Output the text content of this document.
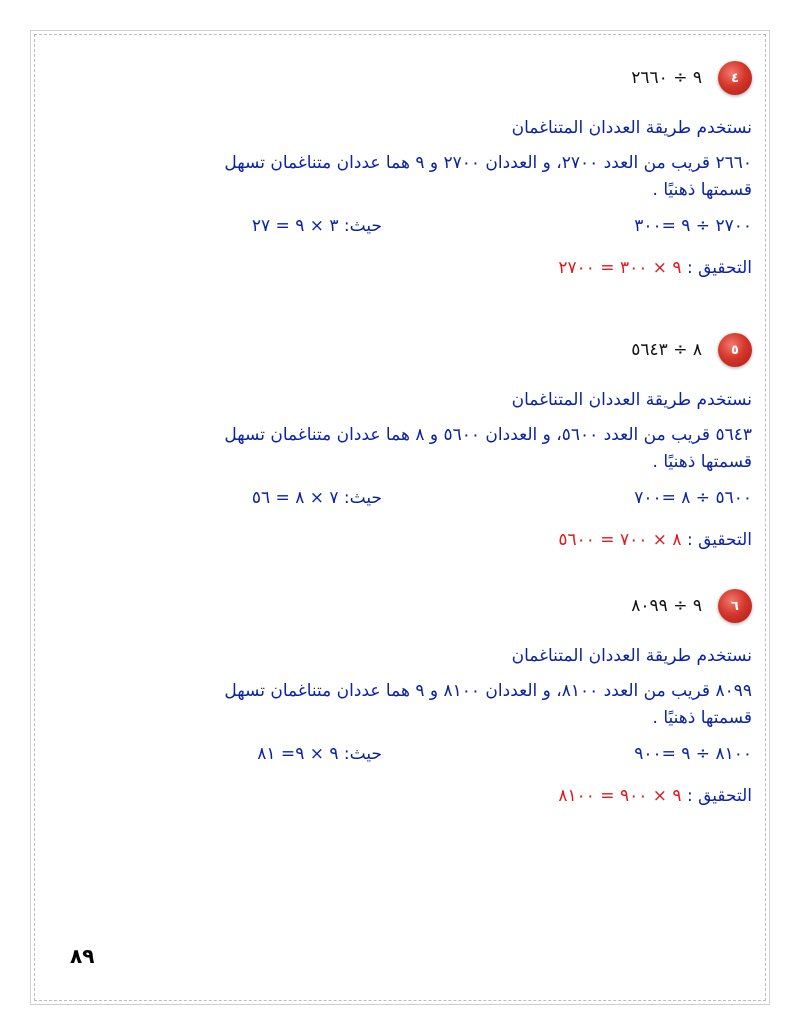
٤
٩ ÷ ٢٦٦٠
نستخدم طريقة العددان المتناغمان
٢٦٦٠ قريب من العدد ٢٧٠٠، و العددان ٢٧٠٠ و ٩ هما عددان متناغمان تسهل
قسمتها ذهنيًا .
٢٧٠٠ ÷ ٩ =٣٠٠
حيث: ٣ × ٩ = ٢٧
التحقيق : ٩ × ٣٠٠ = ٢٧٠٠
٥
٨ ÷ ٥٦٤٣
نستخدم طريقة العددان المتناغمان
٥٦٤٣ قريب من العدد ٥٦٠٠، و العددان ٥٦٠٠ و ٨ هما عددان متناغمان تسهل
قسمتها ذهنيًا .
٥٦٠٠ ÷ ٨ =٧٠٠
حيث: ٧ × ٨ = ٥٦
التحقيق : ٨ × ٧٠٠ = ٥٦٠٠
٦
٩ ÷ ٨٠٩٩
نستخدم طريقة العددان المتناغمان
٨٠٩٩ قريب من العدد ٨١٠٠، و العددان ٨١٠٠ و ٩ هما عددان متناغمان تسهل
قسمتها ذهنيًا .
٨١٠٠ ÷ ٩ =٩٠٠
حيث: ٩ × ٩= ٨١
التحقيق : ٩ × ٩٠٠ = ٨١٠٠
٨٩
